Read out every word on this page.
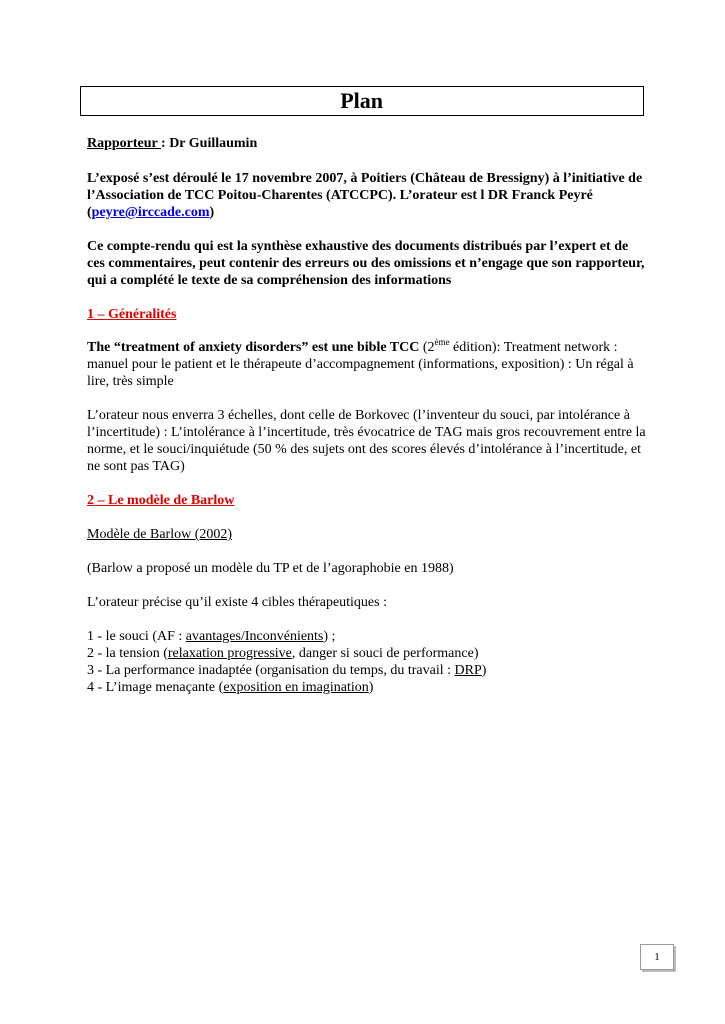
Plan

Rapporteur : Dr Guillaumin

L’exposé s’est déroulé le 17 novembre 2007, à Poitiers (Château de Bressigny) à l’initiative de l’Association de TCC Poitou-Charentes (ATCCPC). L’orateur est l DR Franck Peyré (peyre@irccade.com)

Ce compte-rendu qui est la synthèse exhaustive des documents distribués par l’expert et de ces commentaires, peut contenir des erreurs ou des omissions et n’engage que son rapporteur, qui a complété le texte de sa compréhension des informations

1 – Généralités

The “treatment of anxiety disorders” est une bible TCC (2ème édition): Treatment network : manuel pour le patient et le thérapeute d’accompagnement (informations, exposition) : Un régal à lire, très simple

L’orateur nous enverra 3 échelles, dont celle de Borkovec (l’inventeur du souci, par intolérance à l’incertitude) : L’intolérance à l’incertitude, très évocatrice de TAG mais gros recouvrement entre la norme, et le souci/inquiétude (50 % des sujets ont des scores élevés d’intolérance à l’incertitude, et ne sont pas TAG)

2 – Le modèle de Barlow

Modèle de Barlow (2002)

(Barlow a proposé un modèle du TP et de l’agoraphobie en 1988)

L’orateur précise qu’il existe 4 cibles thérapeutiques :

1 - le souci (AF : avantages/Inconvénients) ;

2 - la tension (relaxation progressive, danger si souci de performance)

3 - La performance inadaptée (organisation du temps, du travail : DRP)

4 - L’image menaçante (exposition en imagination)

1
